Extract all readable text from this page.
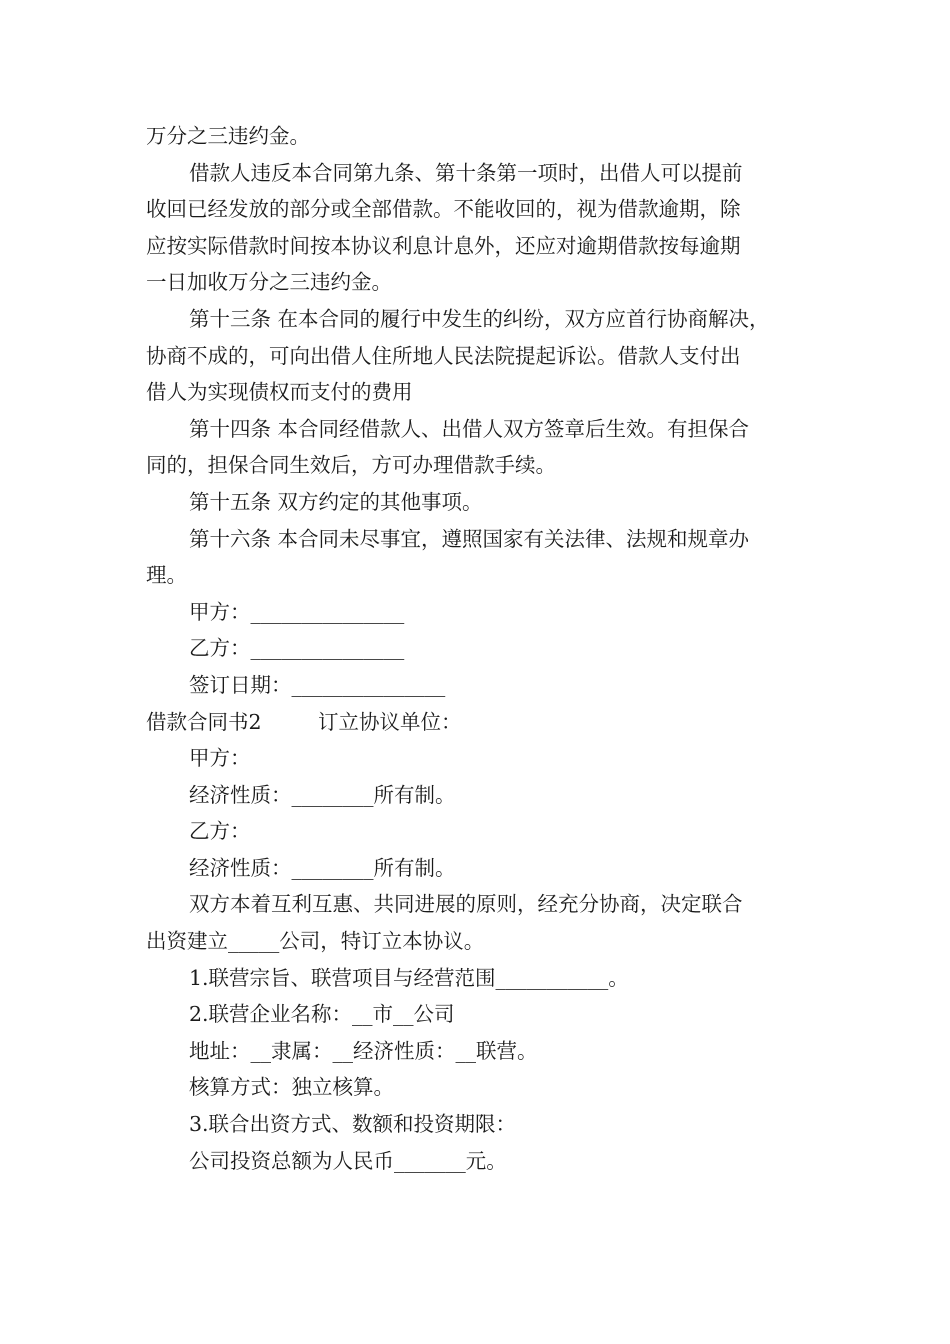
万分之三违约金。
借款人违反本合同第九条、第十条第一项时，出借人可以提前
收回已经发放的部分或全部借款。不能收回的，视为借款逾期，除
应按实际借款时间按本协议利息计息外，还应对逾期借款按每逾期
一日加收万分之三违约金。
第十三条 在本合同的履行中发生的纠纷，双方应首行协商解决，
协商不成的，可向出借人住所地人民法院提起诉讼。借款人支付出
借人为实现债权而支付的费用
第十四条 本合同经借款人、出借人双方签章后生效。有担保合
同的，担保合同生效后，方可办理借款手续。
第十五条 双方约定的其他事项。
第十六条 本合同未尽事宜，遵照国家有关法律、法规和规章办
理。
甲方：_______________
乙方：_______________
签订日期：_______________
借款合同书2	订立协议单位：
甲方：
经济性质：________所有制。
乙方：
经济性质：________所有制。
双方本着互利互惠、共同进展的原则，经充分协商，决定联合
出资建立_____公司，特订立本协议。
1.联营宗旨、联营项目与经营范围___________。
2.联营企业名称：__市__公司
地址：__隶属：__经济性质：__联营。
核算方式：独立核算。
3.联合出资方式、数额和投资期限：
公司投资总额为人民币_______元。
